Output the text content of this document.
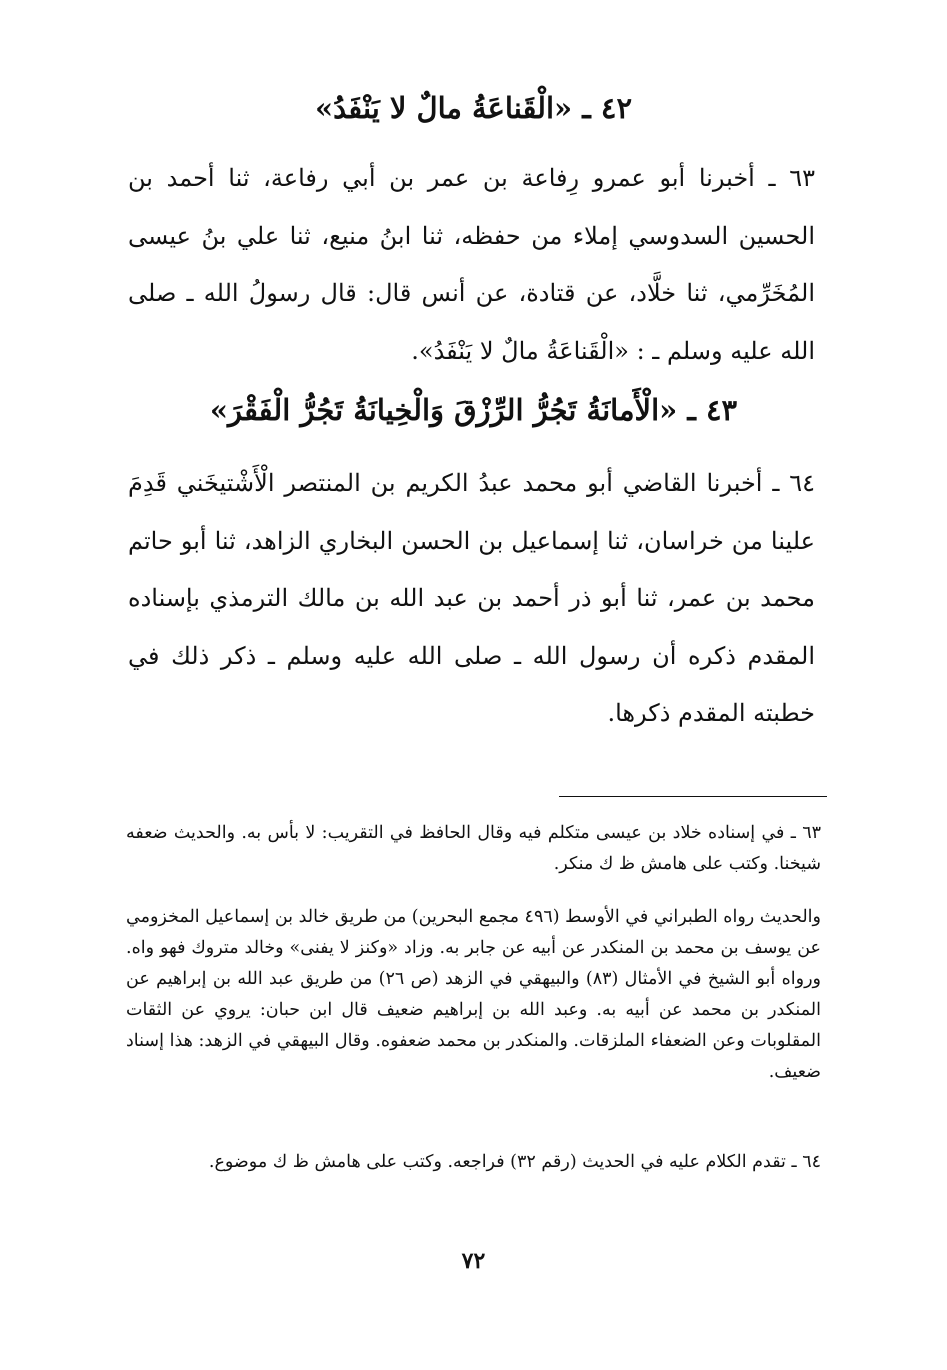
٤٢ ـ «الْقَناعَةُ مالٌ لا يَنْفَدُ»
٦٣ ـ أخبرنا أبو عمرو رِفاعة بن عمر بن أبي رفاعة، ثنا أحمد بن الحسين السدوسي إملاء من حفظه، ثنا ابنُ منيع، ثنا علي بنُ عيسى المُخَرِّمي، ثنا خلَّاد، عن قتادة، عن أنس قال: قال رسولُ الله ـ صلى الله عليه وسلم ـ : «الْقَناعَةُ مالٌ لا يَنْفَدُ».
٤٣ ـ «الْأَمانَةُ تَجُرُّ الرِّزْقَ وَالْخِيانَةُ تَجُرُّ الْفَقْرَ»
٦٤ ـ أخبرنا القاضي أبو محمد عبدُ الكريم بن المنتصر الْأَشْتيخَني قَدِمَ علينا من خراسان، ثنا إسماعيل بن الحسن البخاري الزاهد، ثنا أبو حاتم محمد بن عمر، ثنا أبو ذر أحمد بن عبد الله بن مالك الترمذي بإسناده المقدم ذكره أن رسول الله ـ صلى الله عليه وسلم ـ ذكر ذلك في خطبته المقدم ذكرها.
٦٣ ـ في إسناده خلاد بن عيسى متكلم فيه وقال الحافظ في التقريب: لا بأس به. والحديث ضعفه شيخنا. وكتب على هامش ظ ك منكر.
والحديث رواه الطبراني في الأوسط (٤٩٦ مجمع البحرين) من طريق خالد بن إسماعيل المخزومي عن يوسف بن محمد بن المنكدر عن أبيه عن جابر به. وزاد «وكنز لا يفنى» وخالد متروك فهو واه. ورواه أبو الشيخ في الأمثال (٨٣) والبيهقي في الزهد (ص ٢٦) من طريق عبد الله بن إبراهيم عن المنكدر بن محمد عن أبيه به. وعبد الله بن إبراهيم ضعيف قال ابن حبان: يروي عن الثقات المقلوبات وعن الضعفاء الملزقات. والمنكدر بن محمد ضعفوه. وقال البيهقي في الزهد: هذا إسناد ضعيف.
٦٤ ـ تقدم الكلام عليه في الحديث (رقم ٣٢) فراجعه. وكتب على هامش ظ ك موضوع.
٧٢
